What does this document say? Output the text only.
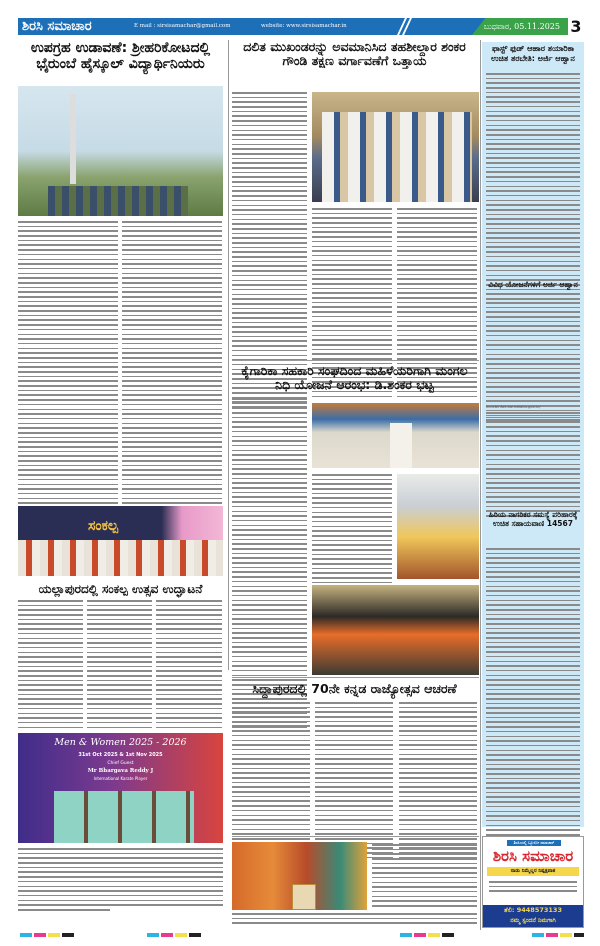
ಶಿರಸಿ ಸಮಾಚಾರ	E mail : sirsisamachar@gmail.com	website: www.sirsisamachar.in	ಬುಧವಾರ, 05.11.2025 3
ಉಪಗ್ರಹ ಉಡಾವಣೆ: ಶ್ರೀಹರಿಕೋಟದಲ್ಲಿ ಭೈರುಂಬೆ ಹೈಸ್ಕೂಲ್ ವಿದ್ಯಾರ್ಥಿನಿಯರು
ಸಂಕಲ್ಪ
ಯಲ್ಲಾಪುರದಲ್ಲಿ ಸಂಕಲ್ಪ ಉತ್ಸವ ಉದ್ಘಾಟನೆ
Men & Women 2025 - 2026
31st Oct 2025 & 1st Nov 2025
Chief Guest
Mr Bhargava Reddy J
International Karate Player
ದಲಿತ ಮುಖಂಡರನ್ನು ಅವಮಾನಿಸಿದ ತಹಶೀಲ್ದಾರ ಶಂಕರ ಗೌಂಡಿ ತಕ್ಷಣ ವರ್ಗಾವಣೆಗೆ ಒತ್ತಾಯ
ಕೈಗಾರಿಕಾ ಸಹಕಾರಿ ಸಂಘದಿಂದ ಮಹಿಳೆಯರಿಗಾಗಿ ಮಂಗಲ ನಿಧಿ ಯೋಜನೆ ಆರಂಭ: ಡಿ.ಶಂಕರ ಭಟ್ಟ
ಸಿದ್ದಾಪುರದಲ್ಲಿ 70ನೇ ಕನ್ನಡ ರಾಜ್ಯೋತ್ಸವ ಆಚರಣೆ
ಫಾಸ್ಟ್ ಫುಡ್ ಆಹಾರ ತಯಾರಿಕಾ ಉಚಿತ ತರಬೇತಿ: ಅರ್ಜಿ ಆಹ್ವಾನ
ವಿವಿಧ ಯೋಜನೆಗಳಿಗೆ ಅರ್ಜಿ ಆಹ್ವಾನ
kcdcbinfoe.karnataka.gov.in/
ಹಿರಿಯ ನಾಗರಿಕರ ಸಮಸ್ಯೆ ಪರಿಹಾರಕ್ಕೆ ಉಚಿತ ಸಹಾಯವಾಣಿ 14567
ಶಿರಸಿಯಲ್ಲಿ ಬ್ಯೂರೋ ಸಮಾಚಾರ್
ಶಿರಸಿ ಸಮಾಚಾರ
ನಾಡು ನಿಮ್ಮೆಲ್ಲರ ನಿಷ್ಪಕ್ಷಪಾತ
ತೆಲಿ: 9448573133
ನಮ್ಮ ಸ್ಪಂದನೆ ನಿಮಗಾಗಿ
